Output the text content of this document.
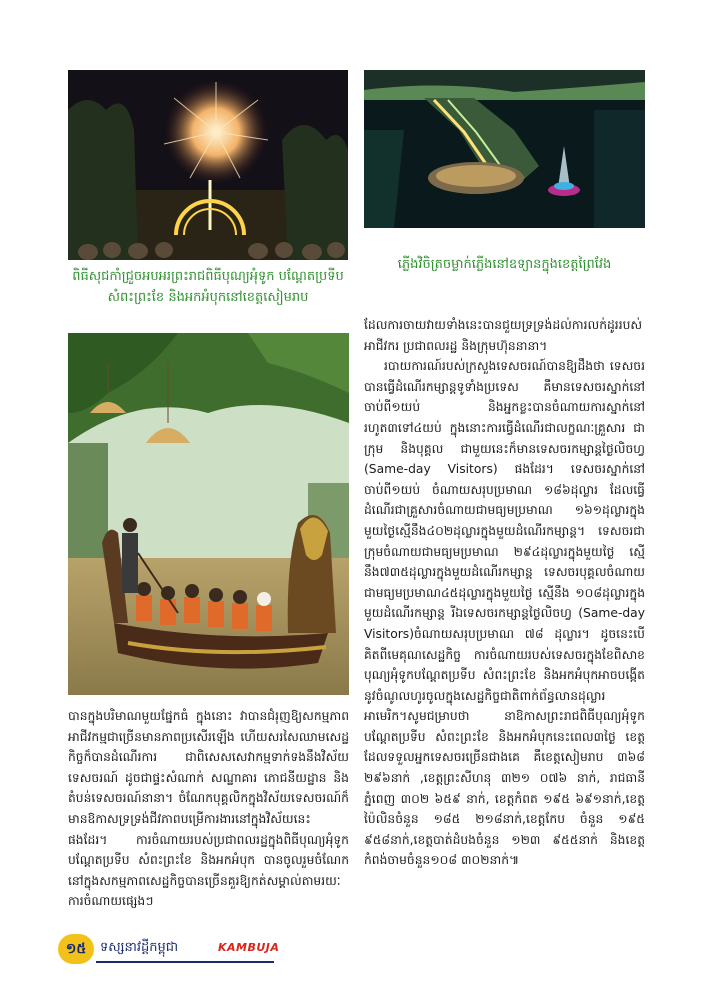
ពិធីសុជកាំជ្រួចអបអរព្រះរាជពិធីបុណ្យអុំទូក បណ្តែតប្រទីប
សំពះព្រះខែ និងអកអំបុកនៅខេត្តសៀមរាប
ភ្លើងវិចិត្រចម្លាក់ភ្លើងនៅឧទ្យានក្នុងខេត្តព្រៃវែង

ដែលការចាយវាយទាំងនេះបានជួយទ្រទ្រង់ដល់ការលក់ដូររបស់អាជីវករ ប្រជាពលរដ្ឋ និងក្រុមហ៊ុននានា។

របាយការណ៍របស់ក្រសួងទេសចរណ៍បានឱ្យដឹងថា ទេសចរបានធ្វើដំណើរកម្សាន្តទូទាំងប្រទេស គឺមានទេសចរស្នាក់នៅចាប់ពី១យប់ និងអ្នកខ្លះបានចំណាយការស្នាក់នៅរហូត៣ទៅ៤យប់ ក្នុងនោះការធ្វើដំណើរជាលក្ខណៈគ្រួសារ ជាក្រុម និងបុគ្គល ជាមួយនេះក៏មានទេសចរកម្សាន្តថ្ងៃលិចហ្វ (Same-day Visitors) ផងដែរ។ ទេសចរស្នាក់នៅចាប់ពី១យប់ ចំណាយសរុបប្រមាណ ១៨៦ដុល្លារ ដែលធ្វើដំណើរជាគ្រួសារចំណាយជាមធ្យមប្រមាណ ១៦១ដុល្លារក្នុងមួយថ្ងៃស្មើនឹង៤០២ដុល្លារក្នុងមួយដំណើរកម្សាន្ត។ ទេសចរជាក្រុមចំណាយជាមធ្យមប្រមាណ ២៩៤ដុល្លារក្នុងមួយថ្ងៃ ស្មើនឹង៧៣៥ដុល្លារក្នុងមួយដំណើរកម្សាន្ត ទេសចរបុគ្គលចំណាយជាមធ្យមប្រមាណ៤៥ដុល្លារក្នុងមួយថ្ងៃ ស្មើនឹង ១០៨ដុល្លារក្នុងមួយដំណើរកម្សាន្ត រីឯទេសចរកម្សាន្តថ្ងៃលិចហ្វ (Same-day Visitors)ចំណាយសរុបប្រមាណ ៧៨ ដុល្លារ។ ដូចនេះបើគិតពីមេគុណសេដ្ឋកិច្ច ការចំណាយរបស់ទេសចរក្នុងខែពិសាខបុណ្យអុំទូកបណ្តែតប្រទីប សំពះព្រះខែ និងអកអំបុកអាចបង្កើតនូវចំណូលហូរចូលក្នុងសេដ្ឋកិច្ចជាតិពាក់ព័ន្ធលានដុល្លារអាមេរិក។សូមជម្រាបថា នាឱកាសព្រះរាជពិធីបុណ្យអុំទូកបណ្តែតប្រទីប សំពះព្រះខែ និងអកអំបុកនេះពេល៣ថ្ងៃ ខេត្តដែលទទួលអ្នកទេសចរច្រើនជាងគេ គឺខេត្តសៀមរាប ៣៦៨ ២៩៦នាក់ ,ខេត្តព្រះសីហនុ ៣២១ ០៧៦ នាក់, រាជធានីភ្នំពេញ ៣០២ ៦៥៩ នាក់, ខេត្តកំពត ១៩៥ ៦៩១នាក់,ខេត្តប៉ៃលិនចំនួន ១៨៥ ២១៨នាក់,ខេត្តកែប ចំនួន ១៩៥ ៩៥៨នាក់,ខេត្តបាត់ដំបងចំនួន ១២៣ ៩៥៥នាក់ និងខេត្តកំពង់ចាមចំនួន១០៨ ៣០២នាក់៕

បានក្នុងបរិមាណមួយផ្នែកធំ ក្នុងនោះ វាបានជំរុញឱ្យសកម្មភាពអាជីវកម្មជាច្រើនមានភាពប្រសើរឡើង ហើយសរសៃឈាមសេដ្ឋកិច្ចក៏បានដំណើរការ ជាពិសេសសេវាកម្មទាក់ទងនឹងវិស័យទេសចរណ៍ ដូចជាផ្ទះសំណាក់ សណ្ឋាគារ ភោជនីយដ្ឋាន និងតំបន់ទេសចរណ៍នានា។ ចំណែកបុគ្គលិកក្នុងវិស័យទេសចរណ៍ក៏មានឱកាសទ្រទ្រង់ជីវភាពបម្រើការងារនៅក្នុងវិស័យនេះផងដែរ។ ការចំណាយរបស់ប្រជាពលរដ្ឋក្នុងពិធីបុណ្យអុំទូកបណ្តែតប្រទីប សំពះព្រះខែ និងអកអំបុក បានចូលរួមចំណែកនៅក្នុងសកម្មភាពសេដ្ឋកិច្ចបានច្រើនគួរឱ្យកត់សម្គាល់តាមរយៈការចំណាយផ្សេងៗ

១៥	ទស្សនាវដ្តីកម្ពុជា	KAMBUJA
